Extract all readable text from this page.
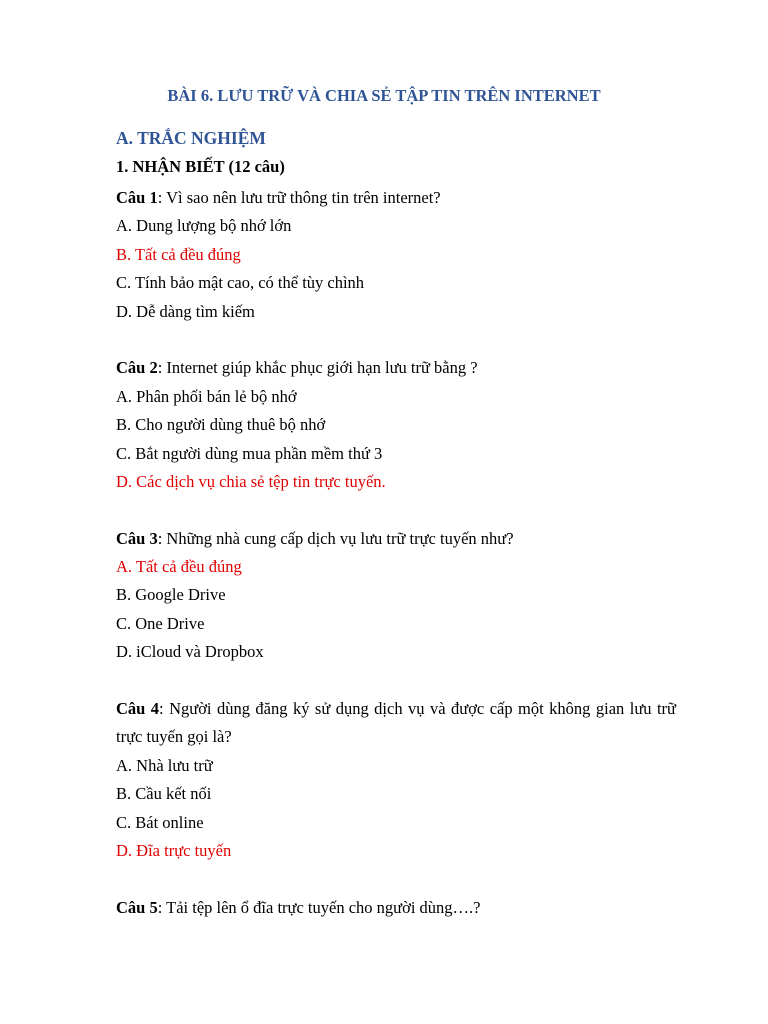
BÀI 6. LƯU TRỮ VÀ CHIA SẺ TẬP TIN TRÊN INTERNET
A. TRẮC NGHIỆM
1. NHẬN BIẾT (12 câu)
Câu 1: Vì sao nên lưu trữ thông tin trên internet?
A. Dung lượng bộ nhớ lớn
B. Tất cả đều đúng
C. Tính bảo mật cao, có thể tùy chình
D. Dễ dàng tìm kiếm
Câu 2: Internet giúp khắc phục giới hạn lưu trữ bằng ?
A. Phân phối bán lẻ bộ nhớ
B. Cho người dùng thuê bộ nhớ
C. Bắt người dùng mua phần mềm thứ 3
D. Các dịch vụ chia sẻ tệp tin trực tuyến.
Câu 3: Những nhà cung cấp dịch vụ lưu trữ trực tuyến như?
A. Tất cả đều đúng
B. Google Drive
C. One Drive
D. iCloud và Dropbox
Câu 4: Người dùng đăng ký sử dụng dịch vụ và được cấp một không gian lưu trữ trực tuyến gọi là?
A. Nhà lưu trữ
B. Cầu kết nối
C. Bát online
D. Đĩa trực tuyến
Câu 5: Tải tệp lên ổ đĩa trực tuyến cho người dùng….?
